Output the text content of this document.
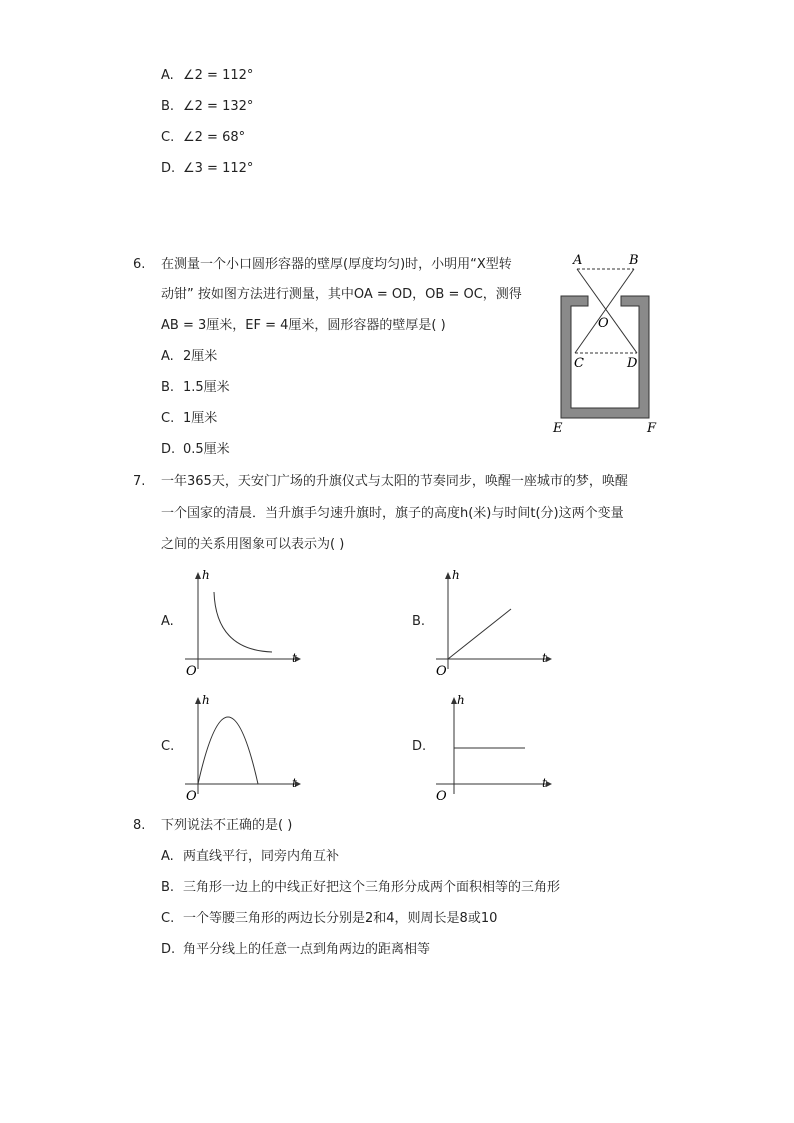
A. ∠2 = 112°
B. ∠2 = 132°
C. ∠2 = 68°
D. ∠3 = 112°
6. 在测量一个小口圆形容器的壁厚(厚度均匀)时，小明用“X型转
动钳” 按如图方法进行测量，其中OA = OD，OB = OC，测得
AB = 3厘米，EF = 4厘米，圆形容器的壁厚是( )
A. 2厘米
B. 1.5厘米
C. 1厘米
D. 0.5厘米
A	B
O
C	D
E	F
7. 一年365天，天安门广场的升旗仪式与太阳的节奏同步，唤醒一座城市的梦，唤醒
一个国家的清晨．当升旗手匀速升旗时，旗子的高度h(米)与时间t(分)这两个变量
之间的关系用图象可以表示为( )
A.
h
t
O
B.
h
t
O
C.
h
t
O
D.
h
t
O
8. 下列说法不正确的是( )
A. 两直线平行，同旁内角互补
B. 三角形一边上的中线正好把这个三角形分成两个面积相等的三角形
C. 一个等腰三角形的两边长分别是2和4，则周长是8或10
D. 角平分线上的任意一点到角两边的距离相等
